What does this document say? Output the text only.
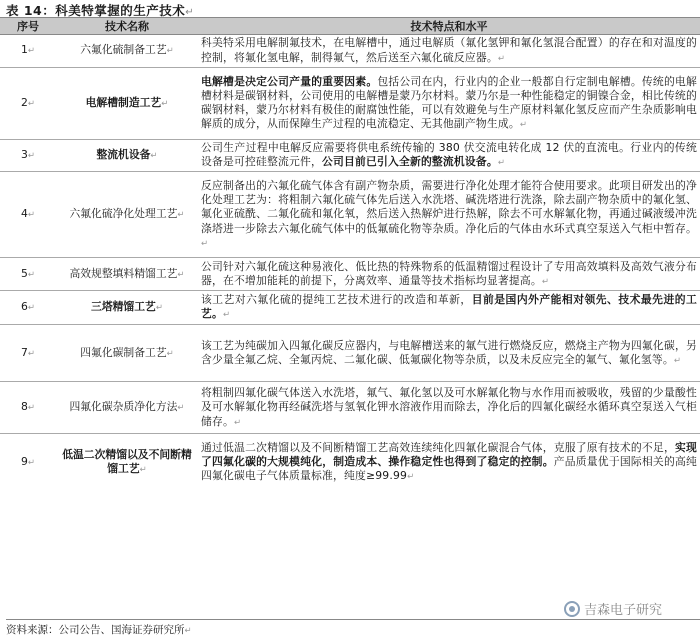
表 14：科美特掌握的生产技术↵
序号	技术名称	技术特点和水平
1↵	六氟化硫制备工艺↵	科美特采用电解制氟技术，在电解槽中，通过电解质（氟化氢钾和氟化氢混合配置）的存在和对温度的控制，将氟化氢电解，制得氟气，然后送至六氟化硫反应器。↵
2↵	电解槽制造工艺↵	电解槽是决定公司产量的重要因素。包括公司在内，行业内的企业一般都自行定制电解槽。传统的电解槽材料是碳钢材料，公司使用的电解槽是蒙乃尔材料。蒙乃尔是一种性能稳定的铜镍合金，相比传统的碳钢材料，蒙乃尔材料有极佳的耐腐蚀性能，可以有效避免与生产原材料氟化氢反应而产生杂质影响电解质的成分，从而保障生产过程的电流稳定、无其他副产物生成。↵
3↵	整流机设备↵	公司生产过程中电解反应需要将供电系统传输的 380 伏交流电转化成 12 伏的直流电。行业内的传统设备是可控硅整流元件，公司目前已引入全新的整流机设备。↵
4↵	六氟化硫净化处理工艺↵	反应制备出的六氟化硫气体含有副产物杂质，需要进行净化处理才能符合使用要求。此项目研发出的净化处理工艺为：将粗制六氟化硫气体先后送入水洗塔、碱洗塔进行洗涤，除去副产物杂质中的氟化氢、氟化亚硫酰、二氟化硫和氟化氧，然后送入热解炉进行热解，除去不可水解氟化物，再通过碱液缓冲洗涤塔进一步除去六氟化硫气体中的低氟硫化物等杂质。净化后的气体由水环式真空泵送入气柜中暂存。↵
5↵	高效规整填料精馏工艺↵	公司针对六氟化硫这种易液化、低比热的特殊物系的低温精馏过程设计了专用高效填料及高效气液分布器，在不增加能耗的前提下，分离效率、通量等技术指标均显著提高。↵
6↵	三塔精馏工艺↵	该工艺对六氟化硫的提纯工艺技术进行的改造和革新，目前是国内外产能相对领先、技术最先进的工艺。↵
7↵	四氟化碳制备工艺↵	该工艺为纯碳加入四氟化碳反应器内，与电解槽送来的氟气进行燃烧反应，燃烧主产物为四氟化碳，另含少量全氟乙烷、全氟丙烷、二氟化碳、低氟碳化物等杂质，以及未反应完全的氟气、氟化氢等。↵
8↵	四氟化碳杂质净化方法↵	将粗制四氟化碳气体送入水洗塔，氟气、氟化氢以及可水解氟化物与水作用而被吸收，残留的少量酸性及可水解氟化物再经碱洗塔与氢氧化钾水溶液作用而除去，净化后的四氟化碳经水循环真空泵送入气柜储存。↵
9↵	低温二次精馏以及不间断精馏工艺↵	通过低温二次精馏以及不间断精馏工艺高效连续纯化四氟化碳混合气体，克服了原有技术的不足，实现了四氟化碳的大规模纯化，制造成本、操作稳定性也得到了稳定的控制。产品质量优于国际相关的高纯四氟化碳电子气体质量标准，纯度≥99.99↵
吉森电子研究
资料来源：公司公告、国海证券研究所↵
